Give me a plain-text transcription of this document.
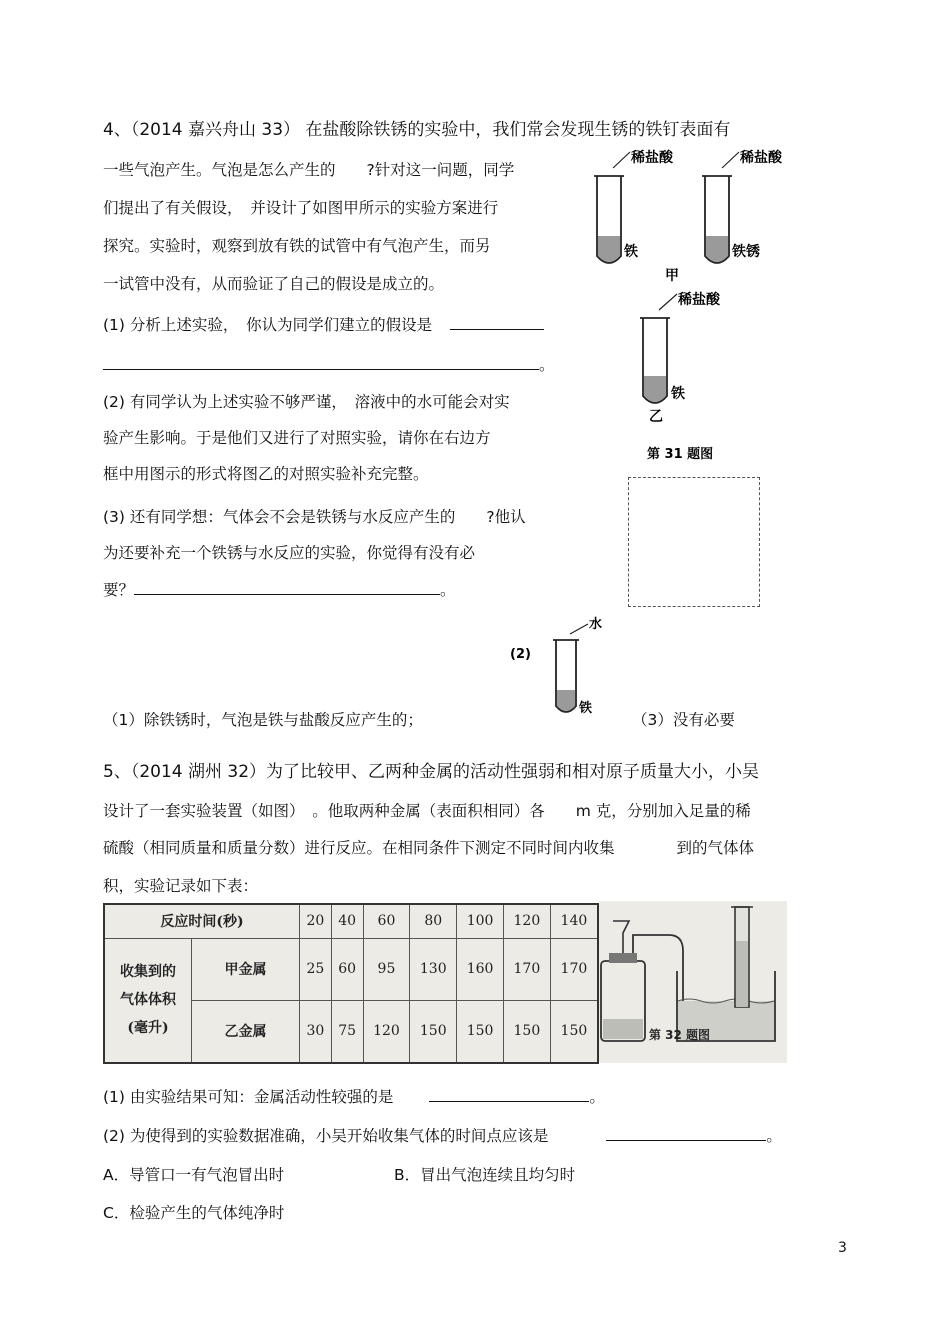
4、（2014 嘉兴舟山 33） 在盐酸除铁锈的实验中，我们常会发现生锈的铁钉表面有
一些气泡产生。气泡是怎么产生的　　?针对这一问题，同学
们提出了有关假设，　并设计了如图甲所示的实验方案进行
探究。实验时，观察到放有铁的试管中有气泡产生，而另
一试管中没有，从而验证了自己的假设是成立的。
(1) 分析上述实验，　你认为同学们建立的假设是
。
(2) 有同学认为上述实验不够严谨，　溶液中的水可能会对实
验产生影响。于是他们又进行了对照实验，请你在右边方
框中用图示的形式将图乙的对照实验补充完整。
(3) 还有同学想：气体会不会是铁锈与水反应产生的　　?他认
为还要补充一个铁锈与水反应的实验，你觉得有没有必
要？	。
稀盐酸
铁
稀盐酸
铁锈
甲
稀盐酸
铁
乙
第 31 题图
（1）除铁锈时，气泡是铁与盐酸反应产生的；
(2)
水
铁
（3）没有必要
5、（2014 湖州 32）为了比较甲、乙两种金属的活动性强弱和相对原子质量大小，小吴
设计了一套实验装置（如图）　。他取两种金属（表面积相同）各　　m 克，分别加入足量的稀
硫酸（相同质量和质量分数）进行反应。在相同条件下测定不同时间内收集　　　　到的气体体
积，实验记录如下表：
反应时间(秒)		20	40	60	80	100	120	140

收集到的
气体体积
(毫升)	甲金属	25	60	95	130	160	170	170
	乙金属	30	75	120	150	150	150	150	第 32 题图
(1) 由实验结果可知：金属活动性较强的是	。
(2) 为使得到的实验数据准确，小吴开始收集气体的时间点应该是	。
A．导管口一有气泡冒出时	B．冒出气泡连续且均匀时
C．检验产生的气体纯净时
3
